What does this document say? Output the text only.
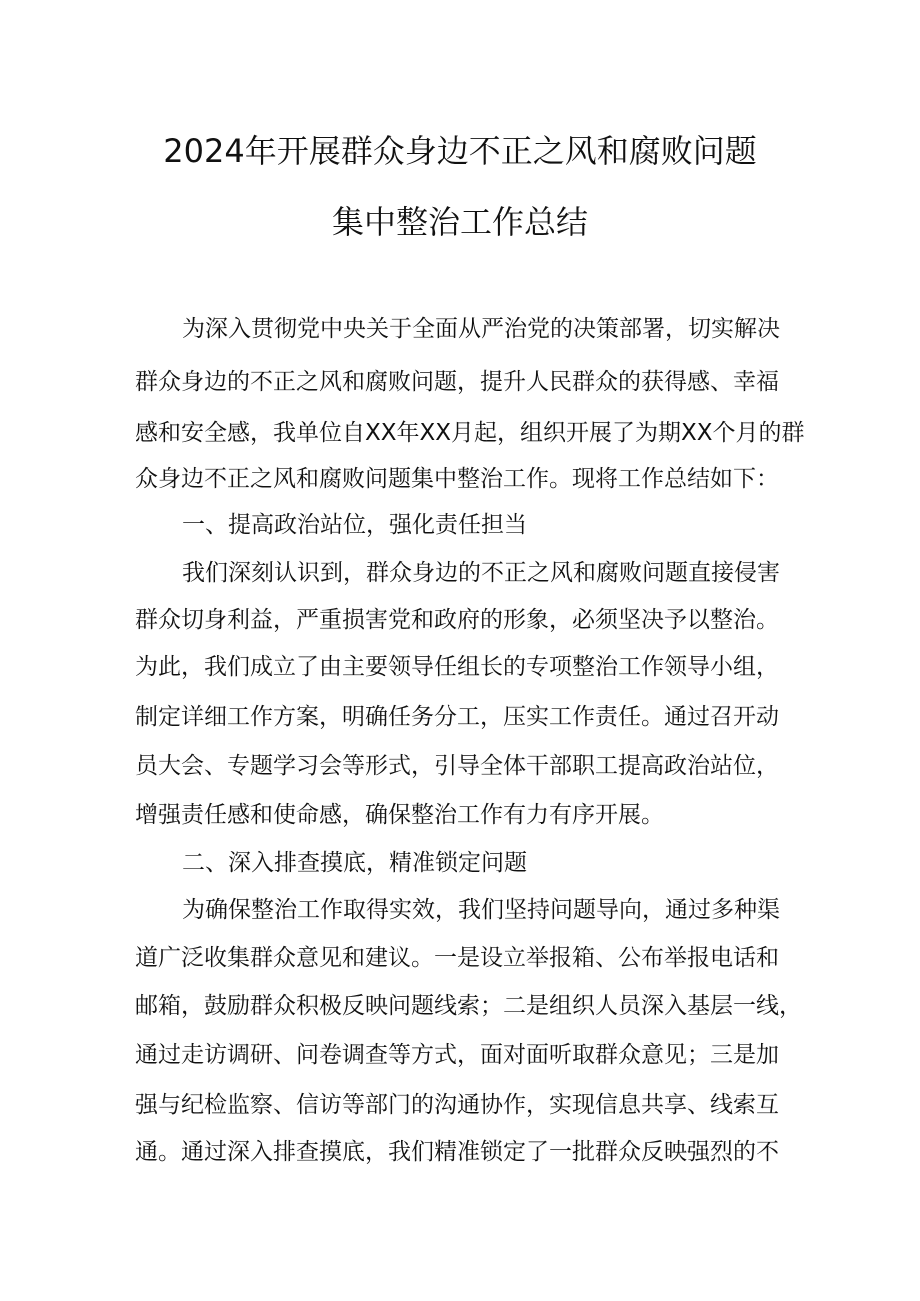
2024年开展群众身边不正之风和腐败问题
集中整治工作总结
为深入贯彻党中央关于全面从严治党的决策部署，切实解决
群众身边的不正之风和腐败问题，提升人民群众的获得感、幸福
感和安全感，我单位自XX年XX月起，组织开展了为期XX个月的群
众身边不正之风和腐败问题集中整治工作。现将工作总结如下：
一、提高政治站位，强化责任担当
我们深刻认识到，群众身边的不正之风和腐败问题直接侵害
群众切身利益，严重损害党和政府的形象，必须坚决予以整治。
为此，我们成立了由主要领导任组长的专项整治工作领导小组，
制定详细工作方案，明确任务分工，压实工作责任。通过召开动
员大会、专题学习会等形式，引导全体干部职工提高政治站位，
增强责任感和使命感，确保整治工作有力有序开展。
二、深入排查摸底，精准锁定问题
为确保整治工作取得实效，我们坚持问题导向，通过多种渠
道广泛收集群众意见和建议。一是设立举报箱、公布举报电话和
邮箱，鼓励群众积极反映问题线索；二是组织人员深入基层一线，
通过走访调研、问卷调查等方式，面对面听取群众意见；三是加
强与纪检监察、信访等部门的沟通协作，实现信息共享、线索互
通。通过深入排查摸底，我们精准锁定了一批群众反映强烈的不
